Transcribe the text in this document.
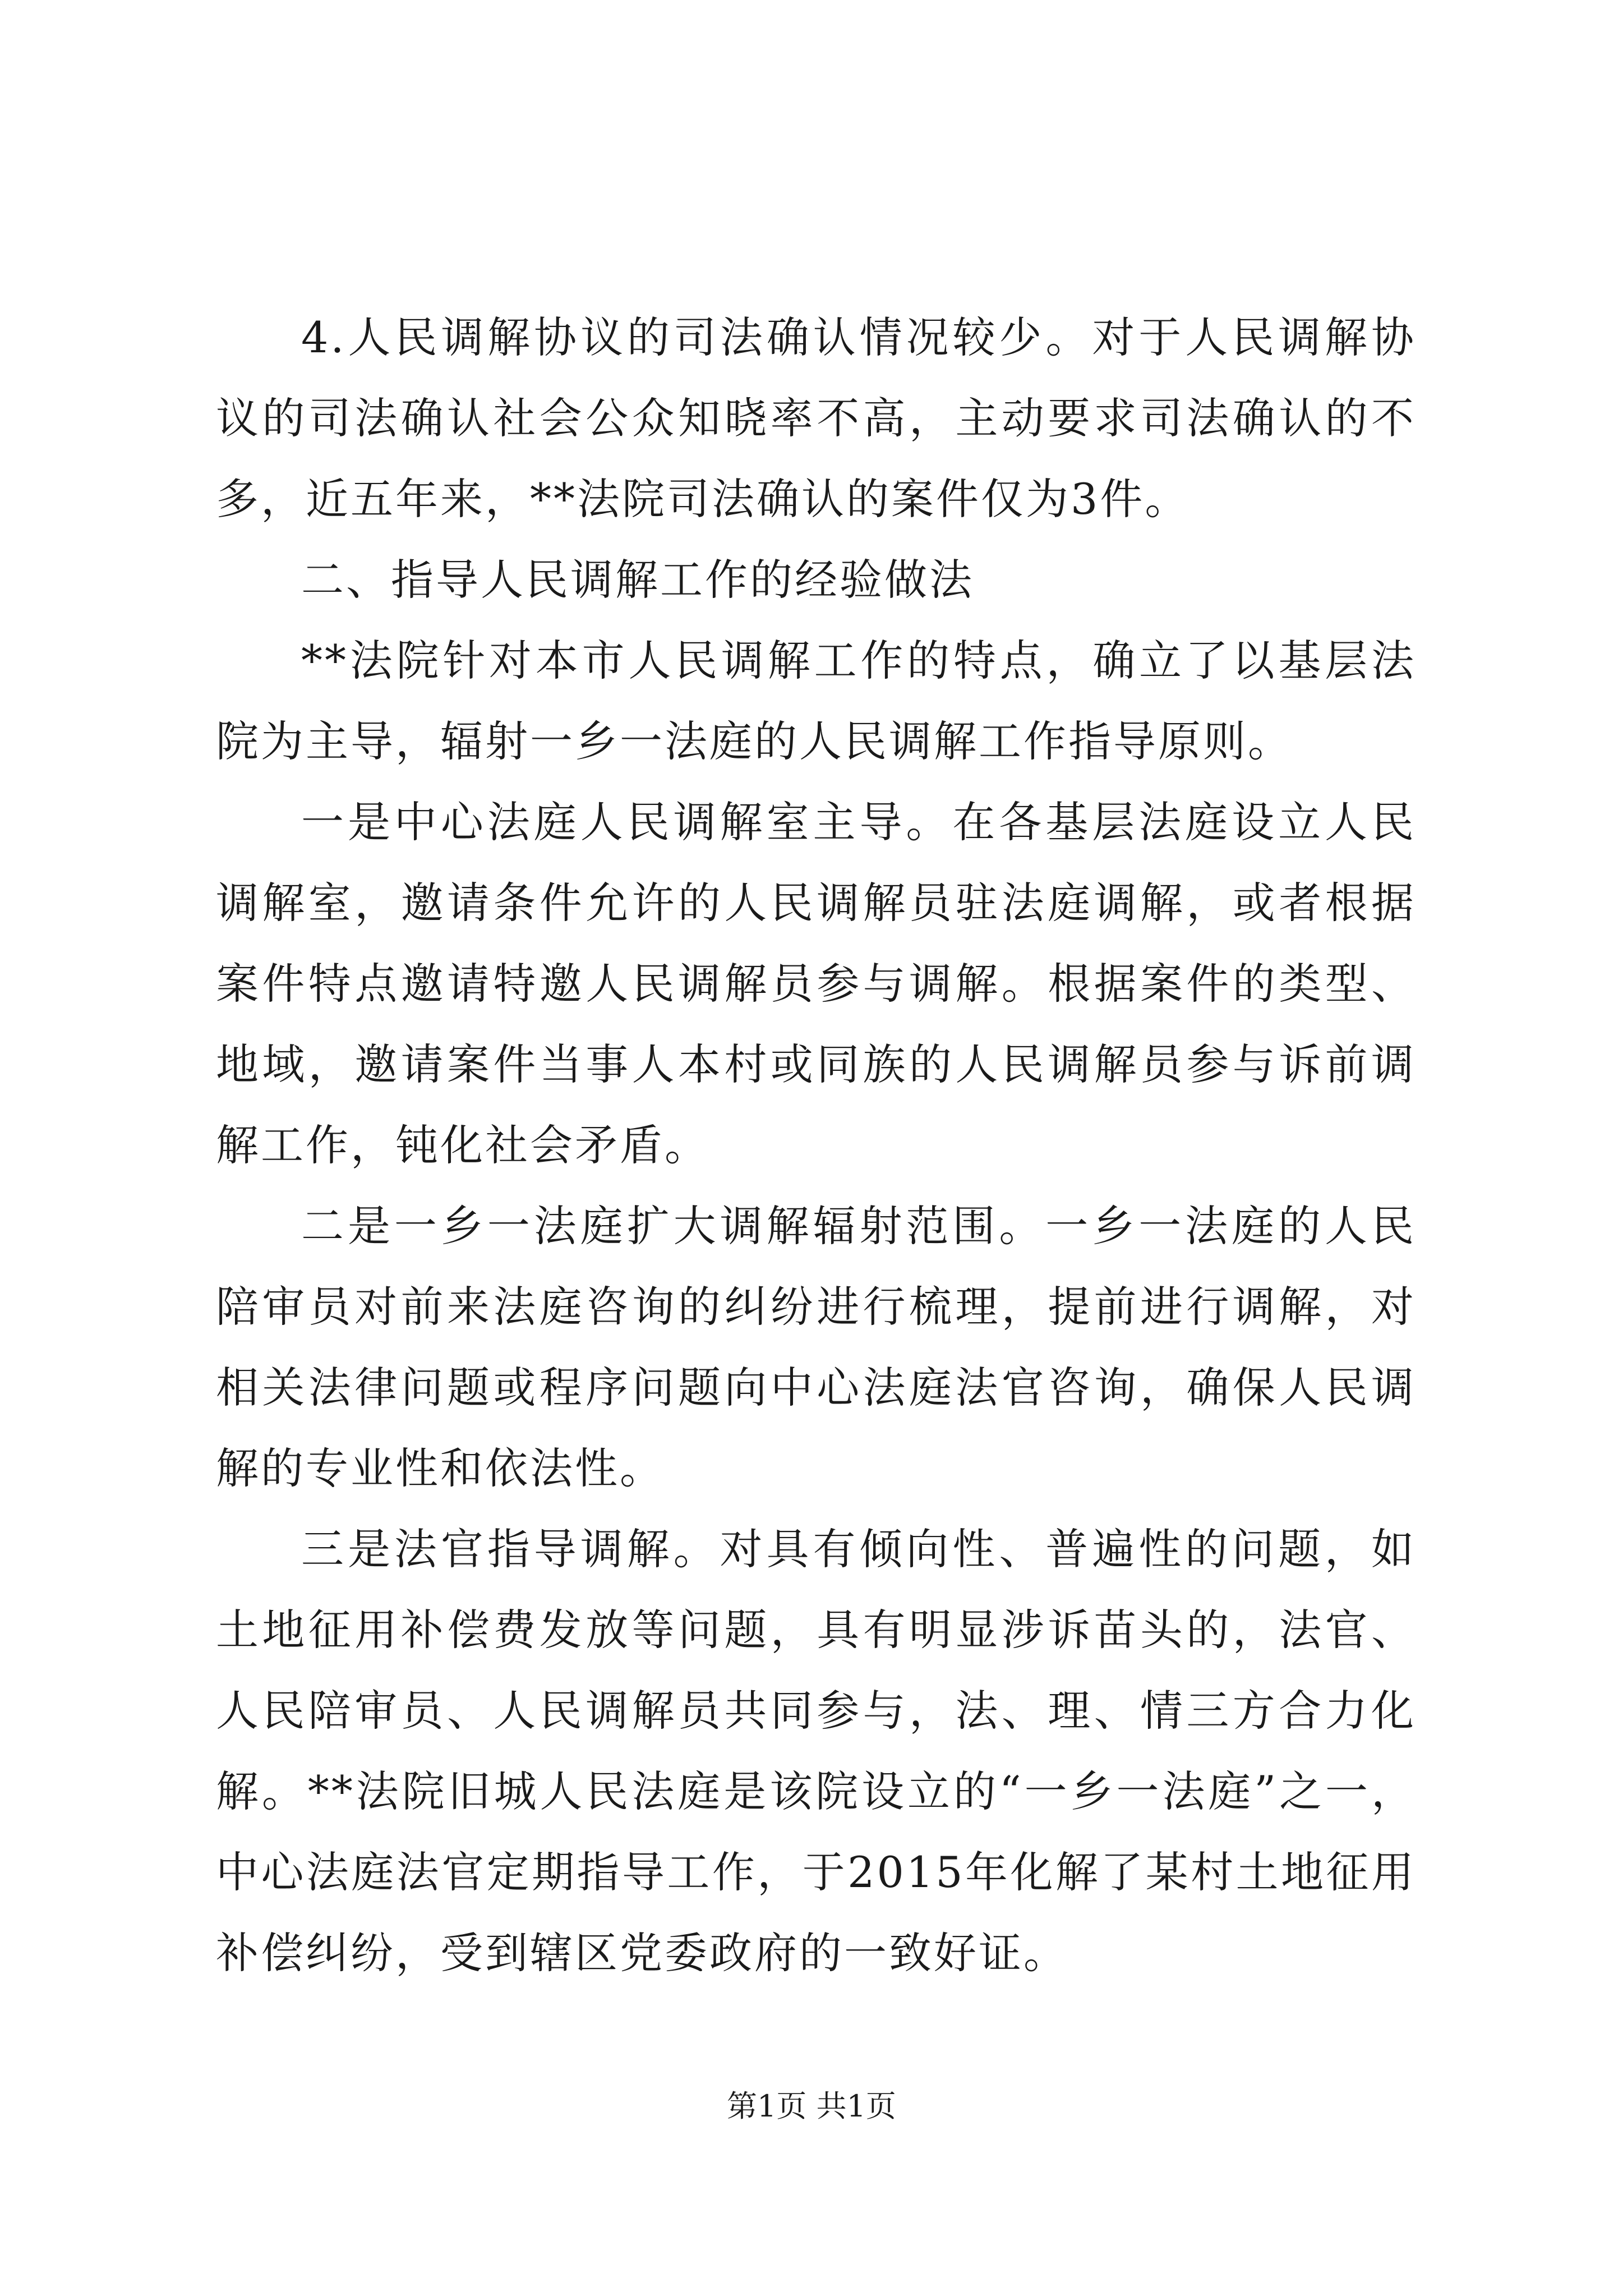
4.人民调解协议的司法确认情况较少。对于人民调解协议的司法确认社会公众知晓率不高，主动要求司法确认的不多，近五年来，**法院司法确认的案件仅为3件。

二、指导人民调解工作的经验做法

**法院针对本市人民调解工作的特点，确立了以基层法院为主导，辐射一乡一法庭的人民调解工作指导原则。

一是中心法庭人民调解室主导。在各基层法庭设立人民调解室，邀请条件允许的人民调解员驻法庭调解，或者根据案件特点邀请特邀人民调解员参与调解。根据案件的类型、地域，邀请案件当事人本村或同族的人民调解员参与诉前调解工作，钝化社会矛盾。

二是一乡一法庭扩大调解辐射范围。一乡一法庭的人民陪审员对前来法庭咨询的纠纷进行梳理，提前进行调解，对相关法律问题或程序问题向中心法庭法官咨询，确保人民调解的专业性和依法性。

三是法官指导调解。对具有倾向性、普遍性的问题，如土地征用补偿费发放等问题，具有明显涉诉苗头的，法官、人民陪审员、人民调解员共同参与，法、理、情三方合力化解。**法院旧城人民法庭是该院设立的“一乡一法庭”之一，中心法庭法官定期指导工作，于2015年化解了某村土地征用补偿纠纷，受到辖区党委政府的一致好证。

第1页 共1页
